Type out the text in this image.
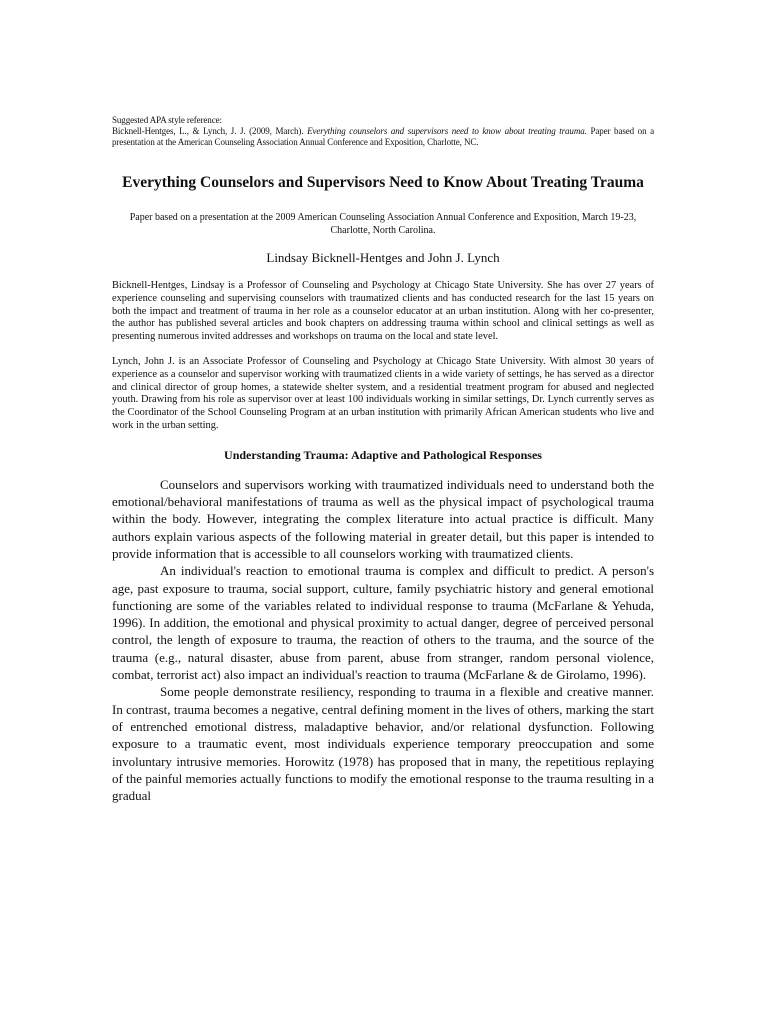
Suggested APA style reference:

Bicknell-Hentges, L., & Lynch, J. J. (2009, March). Everything counselors and supervisors need to know about treating trauma. Paper based on a presentation at the American Counseling Association Annual Conference and Exposition, Charlotte, NC.

Everything Counselors and Supervisors Need to Know About Treating Trauma

Paper based on a presentation at the 2009 American Counseling Association Annual Conference and Exposition, March 19-23, Charlotte, North Carolina.

Lindsay Bicknell-Hentges and John J. Lynch

Bicknell-Hentges, Lindsay is a Professor of Counseling and Psychology at Chicago State University. She has over 27 years of experience counseling and supervising counselors with traumatized clients and has conducted research for the last 15 years on both the impact and treatment of trauma in her role as a counselor educator at an urban institution. Along with her co-presenter, the author has published several articles and book chapters on addressing trauma within school and clinical settings as well as presenting numerous invited addresses and workshops on trauma on the local and state level.

Lynch, John J. is an Associate Professor of Counseling and Psychology at Chicago State University. With almost 30 years of experience as a counselor and supervisor working with traumatized clients in a wide variety of settings, he has served as a director and clinical director of group homes, a statewide shelter system, and a residential treatment program for abused and neglected youth. Drawing from his role as supervisor over at least 100 individuals working in similar settings, Dr. Lynch currently serves as the Coordinator of the School Counseling Program at an urban institution with primarily African American students who live and work in the urban setting.

Understanding Trauma: Adaptive and Pathological Responses

Counselors and supervisors working with traumatized individuals need to understand both the emotional/behavioral manifestations of trauma as well as the physical impact of psychological trauma within the body. However, integrating the complex literature into actual practice is difficult. Many authors explain various aspects of the following material in greater detail, but this paper is intended to provide information that is accessible to all counselors working with traumatized clients.

An individual's reaction to emotional trauma is complex and difficult to predict. A person's age, past exposure to trauma, social support, culture, family psychiatric history and general emotional functioning are some of the variables related to individual response to trauma (McFarlane & Yehuda, 1996). In addition, the emotional and physical proximity to actual danger, degree of perceived personal control, the length of exposure to trauma, the reaction of others to the trauma, and the source of the trauma (e.g., natural disaster, abuse from parent, abuse from stranger, random personal violence, combat, terrorist act) also impact an individual's reaction to trauma (McFarlane & de Girolamo, 1996).

Some people demonstrate resiliency, responding to trauma in a flexible and creative manner. In contrast, trauma becomes a negative, central defining moment in the lives of others, marking the start of entrenched emotional distress, maladaptive behavior, and/or relational dysfunction. Following exposure to a traumatic event, most individuals experience temporary preoccupation and some involuntary intrusive memories. Horowitz (1978) has proposed that in many, the repetitious replaying of the painful memories actually functions to modify the emotional response to the trauma resulting in a gradual
